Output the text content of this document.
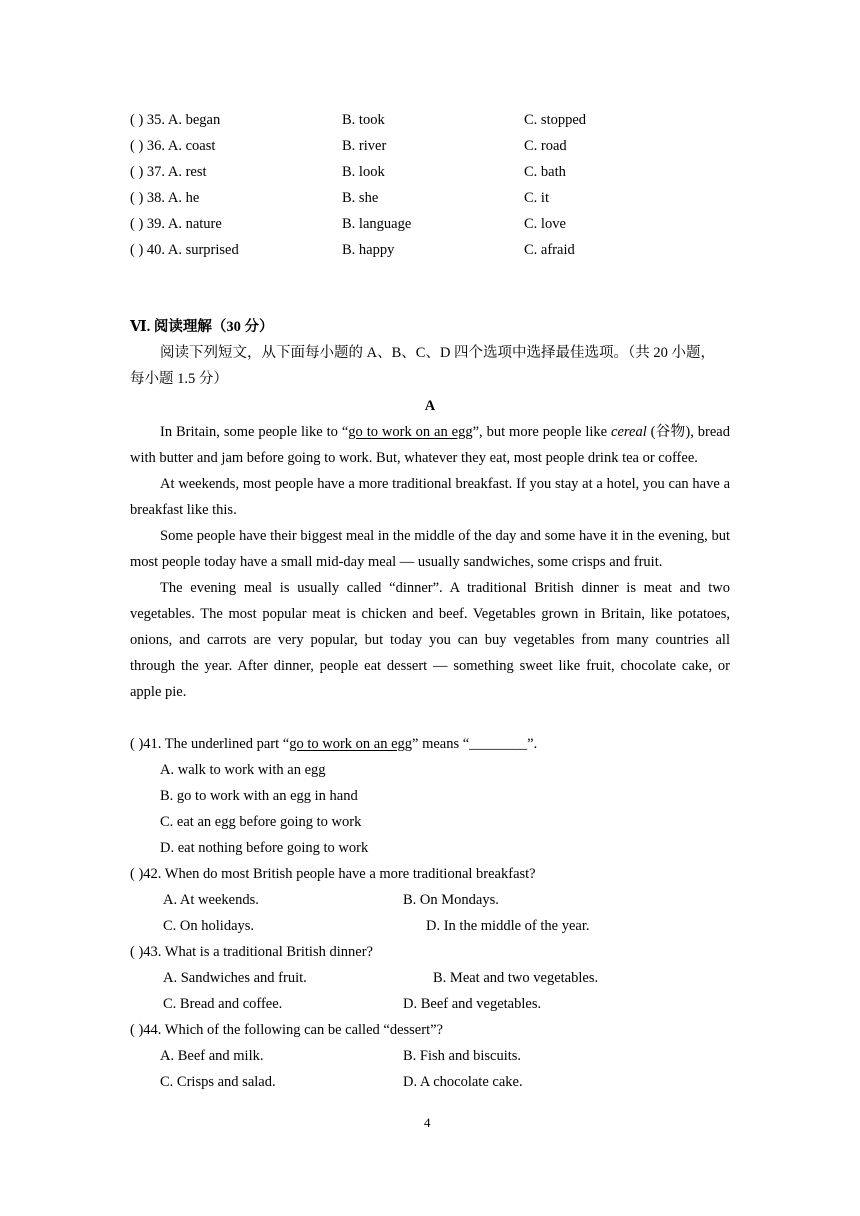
( ) 35. A. began	B. took	C. stopped
( ) 36. A. coast	B. river	C. road
( ) 37. A. rest	B. look	C. bath
( ) 38. A. he	B. she	C. it
( ) 39. A. nature	B. language	C. love
( ) 40. A. surprised	B. happy	C. afraid
Ⅵ. 阅读理解（30 分）
阅读下列短文，从下面每小题的 A、B、C、D 四个选项中选择最佳选项。（共 20 小题，
每小题 1.5 分）
A

In Britain, some people like to “go to work on an egg”, but more people like cereal (谷物), bread with butter and jam before going to work. But, whatever they eat, most people drink tea or coffee.

At weekends, most people have a more traditional breakfast. If you stay at a hotel, you can have a breakfast like this.

Some people have their biggest meal in the middle of the day and some have it in the evening, but most people today have a small mid-day meal — usually sandwiches, some crisps and fruit.

The evening meal is usually called “dinner”. A traditional British dinner is meat and two vegetables. The most popular meat is chicken and beef. Vegetables grown in Britain, like potatoes, onions, and carrots are very popular, but today you can buy vegetables from many countries all through the year. After dinner, people eat dessert — something sweet like fruit, chocolate cake, or apple pie.

( )41. The underlined part “go to work on an egg” means “________”.
A. walk to work with an egg
B. go to work with an egg in hand
C. eat an egg before going to work
D. eat nothing before going to work
( )42. When do most British people have a more traditional breakfast?
A. At weekends.	B. On Mondays.
C. On holidays.	D. In the middle of the year.
( )43. What is a traditional British dinner?
A. Sandwiches and fruit.	B. Meat and two vegetables.
C. Bread and coffee.	D. Beef and vegetables.
( )44. Which of the following can be called “dessert”?
A. Beef and milk.	B. Fish and biscuits.
C. Crisps and salad.	D. A chocolate cake.
4
